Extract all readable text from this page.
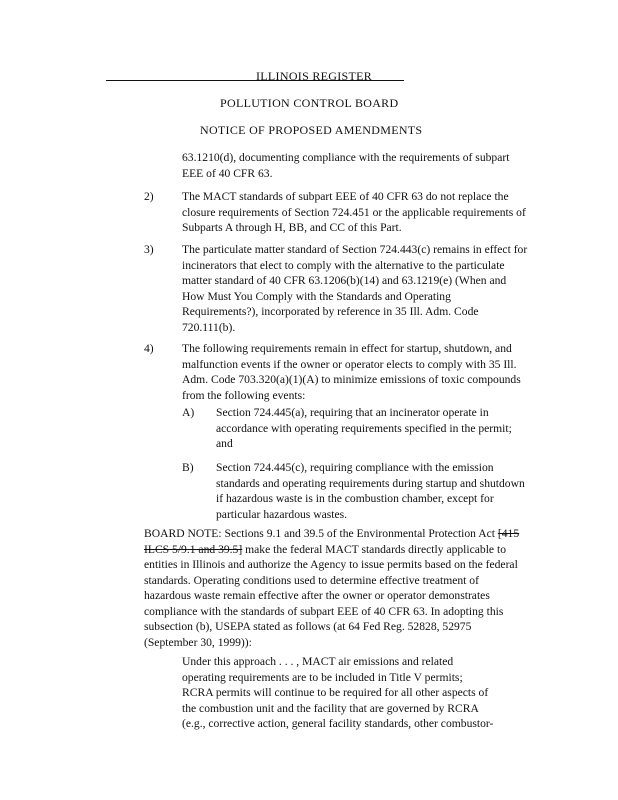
ILLINOIS REGISTER
POLLUTION CONTROL BOARD
NOTICE OF PROPOSED AMENDMENTS
63.1210(d), documenting compliance with the requirements of subpart
EEE of 40 CFR 63.
2) The MACT standards of subpart EEE of 40 CFR 63 do not replace the
closure requirements of Section 724.451 or the applicable requirements of
Subparts A through H, BB, and CC of this Part.
3) The particulate matter standard of Section 724.443(c) remains in effect for
incinerators that elect to comply with the alternative to the particulate
matter standard of 40 CFR 63.1206(b)(14) and 63.1219(e) (When and
How Must You Comply with the Standards and Operating
Requirements?), incorporated by reference in 35 Ill. Adm. Code
720.111(b).
4) The following requirements remain in effect for startup, shutdown, and
malfunction events if the owner or operator elects to comply with 35 Ill.
Adm. Code 703.320(a)(1)(A) to minimize emissions of toxic compounds
from the following events:
A) Section 724.445(a), requiring that an incinerator operate in
accordance with operating requirements specified in the permit;
and
B) Section 724.445(c), requiring compliance with the emission
standards and operating requirements during startup and shutdown
if hazardous waste is in the combustion chamber, except for
particular hazardous wastes.
BOARD NOTE: Sections 9.1 and 39.5 of the Environmental Protection Act [415
ILCS 5/9.1 and 39.5] make the federal MACT standards directly applicable to
entities in Illinois and authorize the Agency to issue permits based on the federal
standards. Operating conditions used to determine effective treatment of
hazardous waste remain effective after the owner or operator demonstrates
compliance with the standards of subpart EEE of 40 CFR 63. In adopting this
subsection (b), USEPA stated as follows (at 64 Fed Reg. 52828, 52975
(September 30, 1999)):
Under this approach . . . , MACT air emissions and related
operating requirements are to be included in Title V permits;
RCRA permits will continue to be required for all other aspects of
the combustion unit and the facility that are governed by RCRA
(e.g., corrective action, general facility standards, other combustor-
